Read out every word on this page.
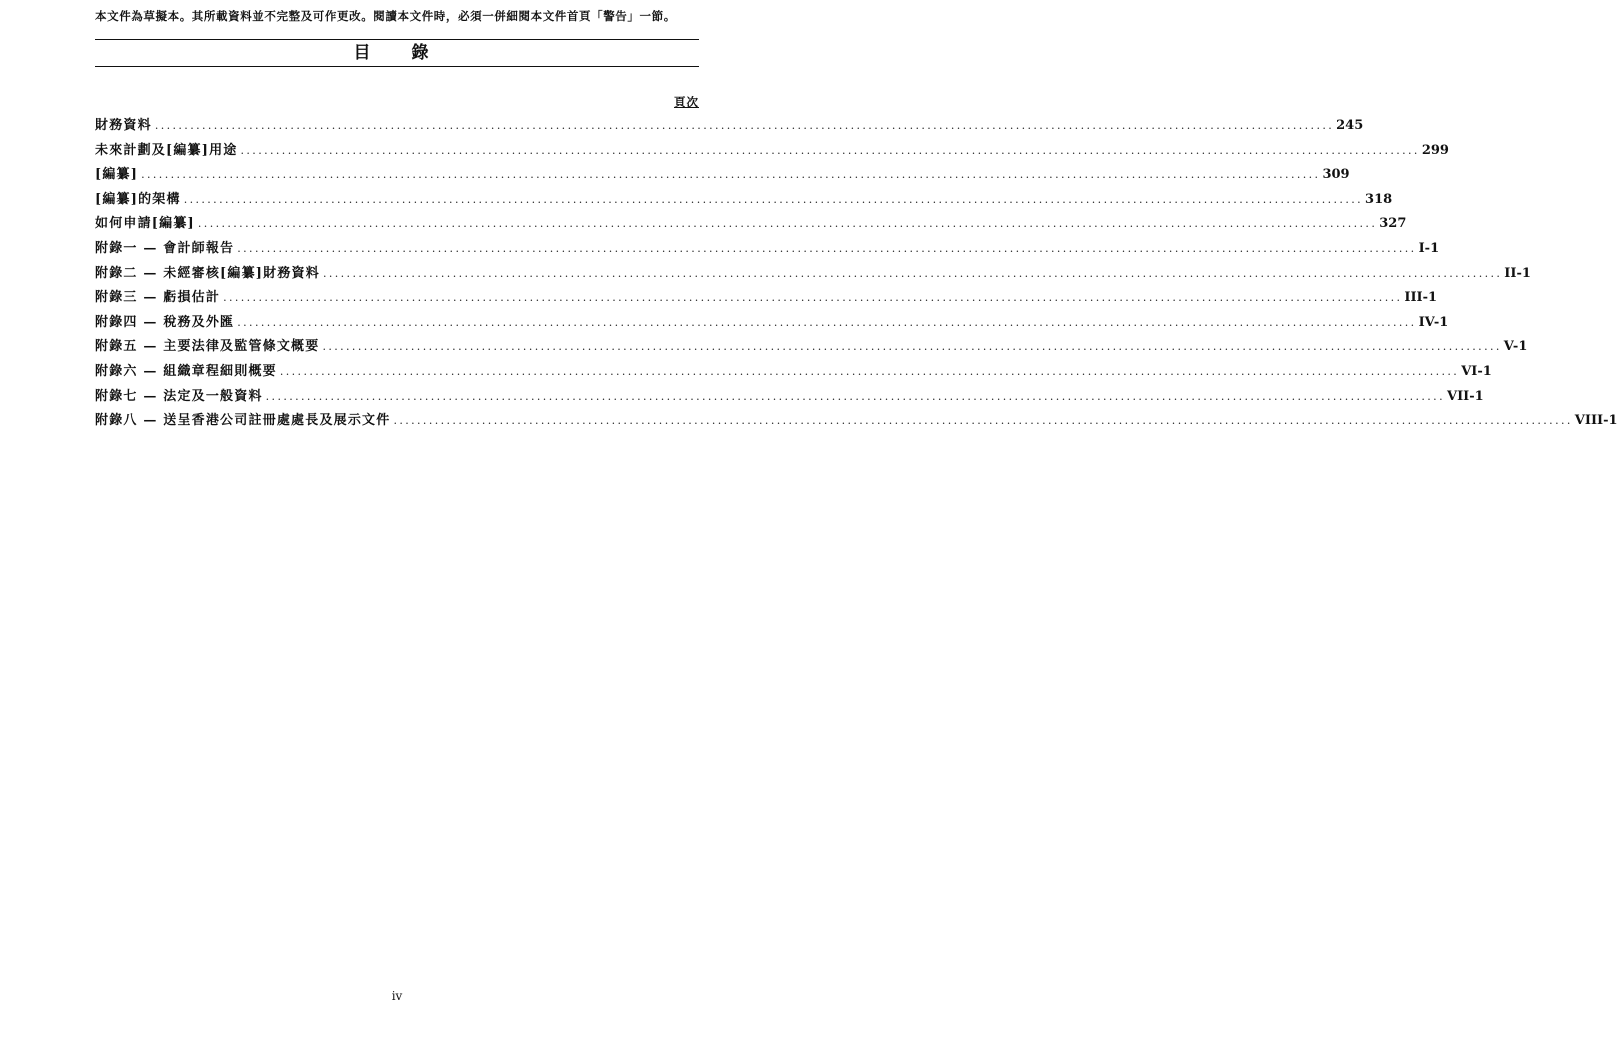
本文件為草擬本。其所載資料並不完整及可作更改。閱讀本文件時，必須一併細閱本文件首頁「警告」一節。
目　錄
頁次
財務資料 ........................................................................................................................................................................................................ 245
未來計劃及[編纂]用途 ........................................................................................................................................................................................................ 299
[編纂] ........................................................................................................................................................................................................ 309
[編纂]的架構 ........................................................................................................................................................................................................ 318
如何申請[編纂] ........................................................................................................................................................................................................ 327
附錄一 — 會計師報告 ........................................................................................................................................................................................................ I-1
附錄二 — 未經審核[編纂]財務資料 ........................................................................................................................................................................................................ II-1
附錄三 — 虧損估計 ........................................................................................................................................................................................................ III-1
附錄四 — 稅務及外匯 ........................................................................................................................................................................................................ IV-1
附錄五 — 主要法律及監管條文概要 ........................................................................................................................................................................................................ V-1
附錄六 — 組織章程細則概要 ........................................................................................................................................................................................................ VI-1
附錄七 — 法定及一般資料 ........................................................................................................................................................................................................ VII-1
附錄八 — 送呈香港公司註冊處處長及展示文件 ........................................................................................................................................................................................................ VIII-1
iv
